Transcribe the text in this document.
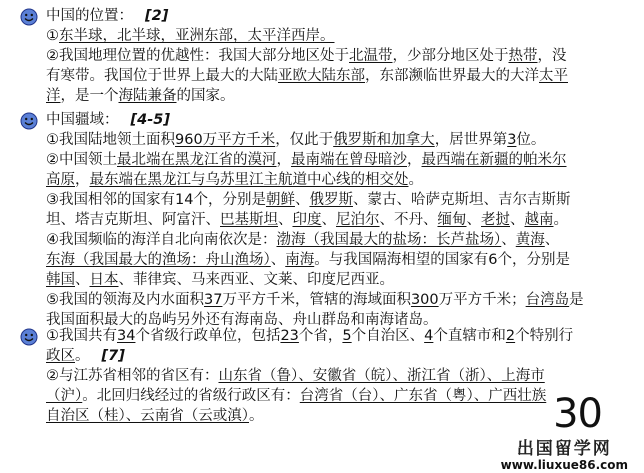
中国的位置： [2]
①东半球，北半球，亚洲东部，太平洋西岸。
②我国地理位置的优越性：我国大部分地区处于北温带，少部分地区处于热带，没
有寒带。我国位于世界上最大的大陆亚欧大陆东部，东部濒临世界最大的大洋太平
洋，是一个海陆兼备的国家。
中国疆域： [4-5]
①我国陆地领土面积960万平方千米，仅此于俄罗斯和加拿大，居世界第3位。
②中国领土最北端在黑龙江省的漠河，最南端在曾母暗沙，最西端在新疆的帕米尔
高原，最东端在黑龙江与乌苏里江主航道中心线的相交处。
③我国相邻的国家有14个，分别是朝鲜、俄罗斯、蒙古、哈萨克斯坦、吉尔吉斯斯
坦、塔吉克斯坦、阿富汗、巴基斯坦、印度、尼泊尔、不丹、缅甸、老挝、越南。
④我国频临的海洋自北向南依次是：渤海（我国最大的盐场：长芦盐场）、黄海、
东海（我国最大的渔场：舟山渔场）、南海。与我国隔海相望的国家有6个，分别是
韩国、日本、菲律宾、马来西亚、文莱、印度尼西亚。
⑤我国的领海及内水面积37万平方千米，管辖的海域面积300万平方千米；台湾岛是
我国面积最大的岛屿另外还有海南岛、舟山群岛和南海诸岛。
①我国共有34个省级行政单位，包括23个省，5个自治区、4个直辖市和2个特别行
政区。 [7]
②与江苏省相邻的省区有：山东省（鲁）、安徽省（皖）、浙江省（浙）、上海市
（沪）。北回归线经过的省级行政区有：台湾省（台）、广东省（粤）、广西壮族
自治区（桂）、云南省（云或滇）。	30
出国留学网
www.liuxue86.com
